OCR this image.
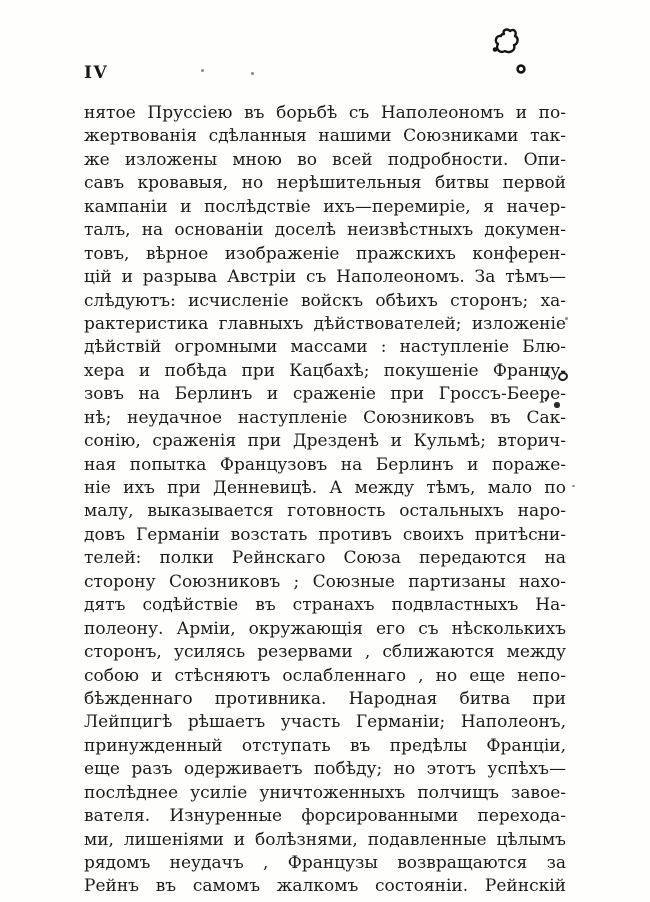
IV
нятое Пруссіею въ борьбѣ съ Наполеономъ и по-
жертвованія сдѣланныя нашими Союзниками так-
же изложены мною во всей подробности. Опи-
савъ кровавыя, но нерѣшительныя битвы первой
кампаніи и послѣдствіе ихъ—перемиріе, я начер-
талъ, на основаніи доселѣ неизвѣстныхъ докумен-
товъ, вѣрное изображеніе пражскихъ конферен-
цій и разрыва Австріи съ Наполеономъ. За тѣмъ—
слѣдуютъ: исчисленіе войскъ обѣихъ сторонъ; ха-
рактеристика главныхъ дѣйствователей; изложеніе
дѣйствій огромными массами : наступленіе Блю-
хера и побѣда при Кацбахѣ; покушеніе Францу-
зовъ на Берлинъ и сраженіе при Гроссъ-Беере-
нѣ; неудачное наступленіе Союзниковъ въ Сак-
сонію, сраженія при Дрезденѣ и Кульмѣ; вторич-
ная попытка Французовъ на Берлинъ и пораже-
ніе ихъ при Денневицѣ. А между тѣмъ, мало по
малу, выказывается готовность остальныхъ наро-
довъ Германіи возстать противъ своихъ притѣсни-
телей: полки Рейнскаго Союза передаются на
сторону Союзниковъ ; Союзные партизаны нахо-
дятъ содѣйствіе въ странахъ подвластныхъ На-
полеону. Арміи, окружающія его съ нѣсколькихъ
сторонъ, усилясь резервами , сближаются между
собою и стѣсняютъ ослабленнаго , но еще непо-
бѣжденнаго противника. Народная битва при
Лейпцигѣ рѣшаетъ участь Германіи; Наполеонъ,
принужденный отступать въ предѣлы Франціи,
еще разъ одерживаетъ побѣду; но этотъ успѣхъ—
послѣднее усиліе уничтоженныхъ полчищъ завое-
вателя. Изнуренные форсированными перехода-
ми, лишеніями и болѣзнями, подавленные цѣлымъ
рядомъ неудачъ , Французы возвращаются за
Рейнъ въ самомъ жалкомъ состояніи. Рейнскій
